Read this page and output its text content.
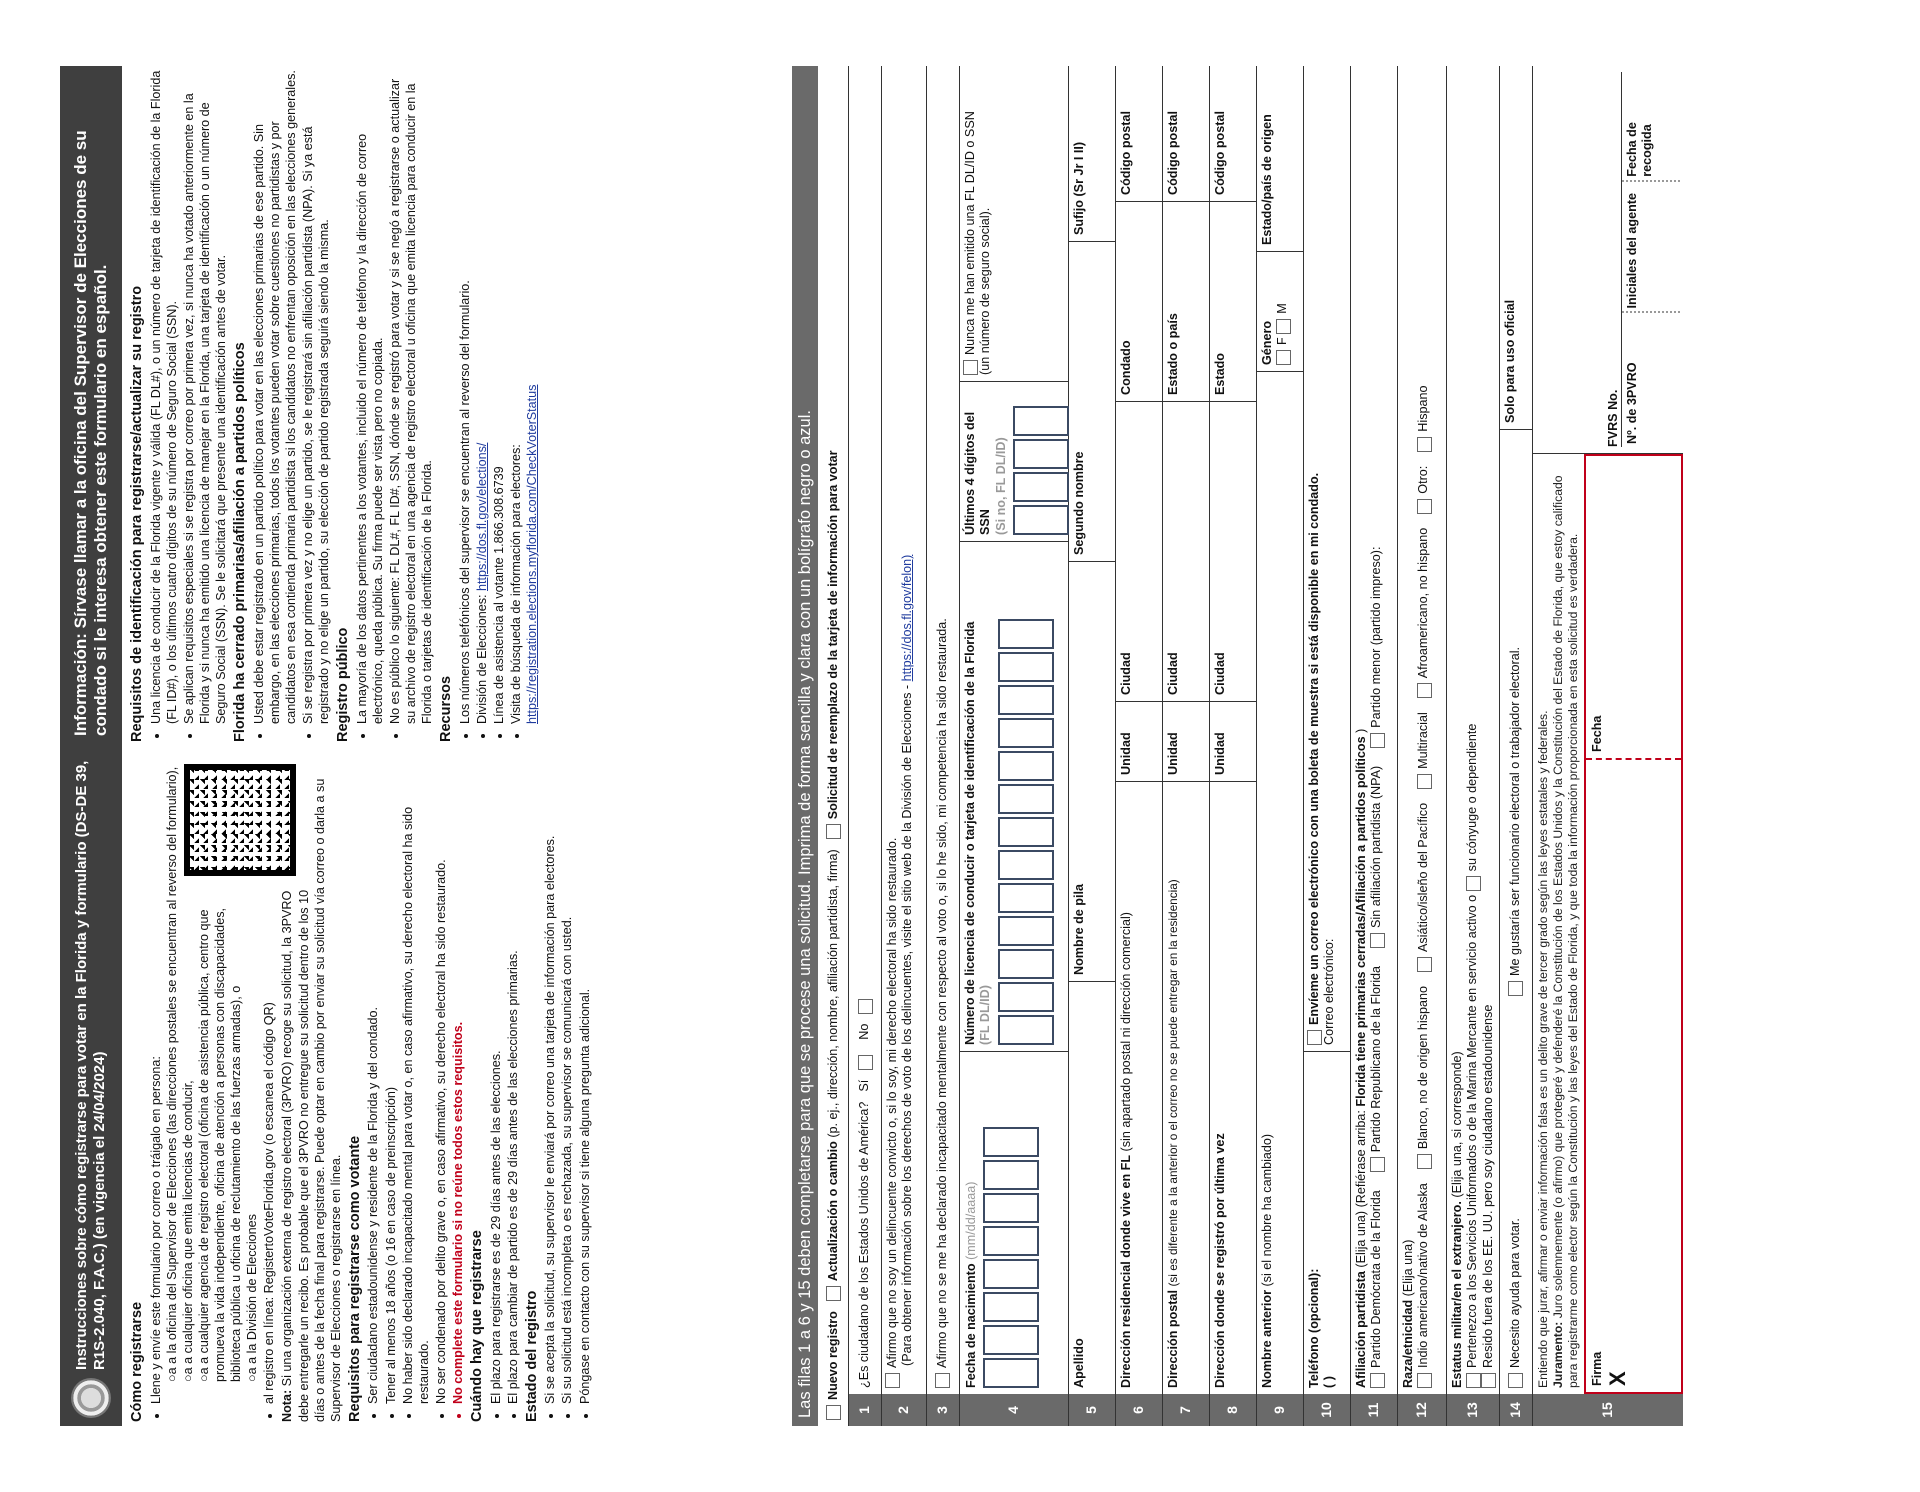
Instrucciones sobre cómo registrarse para votar en la Florida y formulario (DS-DE 39, R1S-2.040, F.A.C.) (en vigencia el 24/04/2024)
Información: Sírvase llamar a la oficina del Supervisor de Elecciones de su condado si le interesa obtener este formulario en español.
Cómo registrarse • Llene y envíe este formulario por correo o tráigalo en persona: ○a a la oficina del Supervisor de Elecciones (las direcciones postales se encuentran al reverso del formulario),
○a a cualquier oficina que emita licencias de conducir,
○a a cualquier agencia de registro electoral (oficina de asistencia pública, centro que promueva la vida independiente, oficina de atención a personas con discapacidades, biblioteca pública u oficina de reclutamiento de las fuerzas armadas), o ○a a la División de Elecciones • al registro en línea: RegistertoVoteFlorida.gov (o escanea el código QR)

Nota: Si una organización externa de registro electoral (3PVRO) recoge su solicitud, la 3PVRO debe entregarle un recibo. Es probable que el 3PVRO no entregue su solicitud dentro de los 10 días o antes de la fecha final para registrarse. Puede optar en cambio por enviar su solicitud vía correo o darla a su Supervisor de Elecciones o registrarse en línea. Requisitos para registrarse como votante • Ser ciudadano estadounidense y residente de la Florida y del condado. • Tener al menos 18 años (o 16 en caso de preinscripción) • No haber sido declarado incapacitado mental para votar o, en caso afirmativo, su derecho electoral ha sido restaurado. • No ser condenado por delito grave o, en caso afirmativo, su derecho electoral ha sido restaurado. • No complete este formulario si no reúne todos estos requisitos. Cuándo hay que registrarse • El plazo para registrarse es de 29 días antes de las elecciones. • El plazo para cambiar de partido es de 29 días antes de las elecciones primarias. Estado del registro • Si se acepta la solicitud, su supervisor le enviará por correo una tarjeta de información para electores. • Si su solicitud está incompleta o es rechazada, su supervisor se comunicará con usted. • Póngase en contacto con su supervisor si tiene alguna pregunta adicional.
Requisitos de identificación para registrarse/actualizar su registro • Una licencia de conducir de la Florida vigente y válida (FL DL#), o un número de tarjeta de identificación de la Florida (FL ID#), o los últimos cuatro dígitos de su número de Seguro Social (SSN). • Se aplican requisitos especiales si se registra por correo por primera vez, si nunca ha votado anteriormente en la Florida y si nunca ha emitido una licencia de manejar en la Florida, una tarjeta de identificación o un número de Seguro Social (SSN). Se le solicitará que presente una identificación antes de votar. Florida ha cerrado primarias/afiliación a partidos políticos • Usted debe estar registrado en un partido político para votar en las elecciones primarias de ese partido. Sin embargo, en las elecciones primarias, todos los votantes pueden votar sobre cuestiones no partidistas y por candidatos en esa contienda primaria partidista si los candidatos no enfrentan oposición en las elecciones generales. • Si se registra por primera vez y no elige un partido, se le registrará sin afiliación partidista (NPA). Si ya está registrado y no elige un partido, su elección de partido registrada seguirá siendo la misma. Registro público • La mayoría de los datos pertinentes a los votantes, incluido el número de teléfono y la dirección de correo electrónico, queda pública. Su firma puede ser vista pero no copiada. • No es público lo siguiente: FL DL#, FL ID#, SSN, dónde se registró para votar y si se negó a registrarse o actualizar su archivo de registro electoral en una agencia de registro electoral u oficina que emita licencia para conducir en la Florida o tarjetas de identificación de la Florida. Recursos • Los números telefónicos del supervisor se encuentran al reverso del formulario. • División de Elecciones: https://dos.fl.gov/elections/ • Línea de asistencia al votante 1.866.308.6739 • Visita de búsqueda de información para electores: https://registration.elections.myflorida.com/CheckVoterStatus	Las filas 1 a 6 y 15 deben completarse para que se procese una solicitud. Imprima de forma sencilla y clara con un bolígrafo negro o azul. Nuevo registro
Actualización o cambio (p. ej., dirección, nombre, afiliación partidista, firma)
Solicitud de reemplazo de la tarjeta de información para votar
1
¿Es ciudadano de los Estados Unidos de América?
Sí
No
2
Afirmo que no soy un delincuente convicto o, si lo soy, mi derecho electoral ha sido restaurado. (Para obtener información sobre los derechos de voto de los delincuentes, visite el sitio web de la División de Elecciones - https://dos.fl.gov/felon)
3
Afirmo que no se me ha declarado incapacitado mentalmente con respecto al voto o, si lo he sido, mi competencia ha sido restaurada.
4
Fecha de nacimiento (mm/dd/aaaa)
Número de licencia de conducir o tarjeta de identificación de la Florida
(FL DL/ID)
Últimos 4 dígitos del SSN
(Si no, FL DL/ID)
Nunca me han emitido una FL DL/ID o SSN
(un número de seguro social).
5
Apellido
Nombre de pila
Segundo nombre
Sufijo (Sr Jr I II)
6
Dirección residencial donde vive en FL (sin apartado postal ni dirección comercial)
Unidad
Ciudad
Condado
Código postal
7
Dirección postal (si es diferente a la anterior o el correo no se puede entregar en la residencia)
Unidad
Ciudad
Estado o país
Código postal
8
Dirección donde se registró por última vez
Unidad
Ciudad
Estado
Código postal
9
Nombre anterior (si el nombre ha cambiado)
Género
F M
Estado/país de origen
10
Teléfono (opcional):
( )
Envíeme un correo electrónico con una boleta de muestra si está disponible en mi condado.
Correo electrónico:
11
Afiliación partidista (Elija una) (Refiérase arriba: Florida tiene primarias cerradas/Afiliación a partidos políticos )
Partido Demócrata de la Florida
Partido Republicano de la Florida
Sin afiliación partidista (NPA)
Partido menor (partido impreso):
12
Raza/etnicidad (Elija una) Indio americano/nativo de Alaska
Blanco, no de origen hispano
Asiático/isleño del Pacífico
Multiracial
Afroamericano, no hispano
Otro:
Hispano
13
Estatus militar/en el extranjero. (Elija una, si corresponde) Pertenezco a los Servicios Uniformados o de la Marina Mercante en servicio activo o su cónyuge o dependiente
Resido fuera de los EE. UU. pero soy ciudadano estadounidense
14
Necesito ayuda para votar.
Me gustaría ser funcionario electoral o trabajador electoral.
Solo para uso oficial
15
Entiendo que jurar, afirmar o enviar información falsa es un delito grave de tercer grado según las leyes estatales y federales. Juramento: Juro solemnemente (o afirmo) que protegeré y defenderé la Constitución de los Estados Unidos y la Constitución del Estado de Florida, que estoy calificado para registrarme como elector según la Constitución y las leyes del Estado de Florida, y que toda la información proporcionada en esta solicitud es verdadera. Firma
X
Fecha
FVRS No. Nº. de 3PVRO
Iniciales del agente
Fecha de recogida
